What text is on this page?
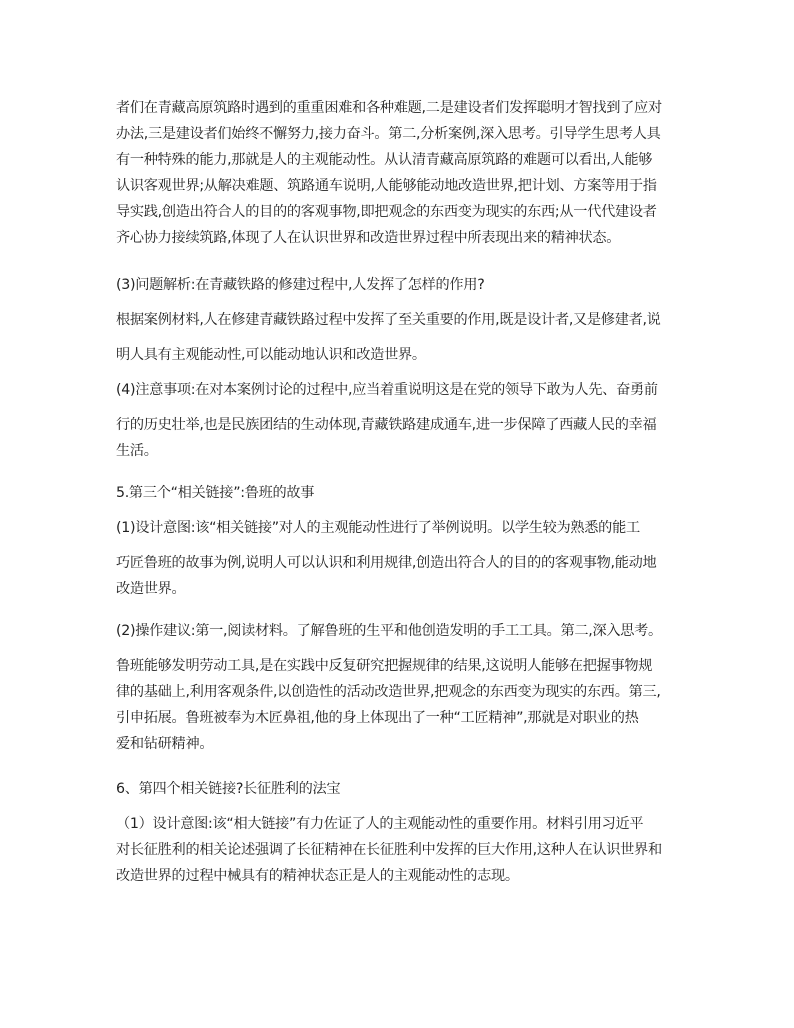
者们在青藏高原筑路时遇到的重重困难和各种难题,二是建设者们发挥聪明才智找到了应对
办法,三是建设者们始终不懈努力,接力奋斗。第二,分析案例,深入思考。引导学生思考人具
有一种特殊的能力,那就是人的主观能动性。从认清青藏高原筑路的难题可以看出,人能够
认识客观世界;从解决难题、筑路通车说明,人能够能动地改造世界,把计划、方案等用于指
导实践,创造出符合人的目的的客观事物,即把观念的东西变为现实的东西;从一代代建设者
齐心协力接续筑路,体现了人在认识世界和改造世界过程中所表现出来的精神状态。
(3)问题解析:在青藏铁路的修建过程中,人发挥了怎样的作用?
根据案例材料,人在修建青藏铁路过程中发挥了至关重要的作用,既是设计者,又是修建者,说
明人具有主观能动性,可以能动地认识和改造世界。
(4)注意事项:在对本案例讨论的过程中,应当着重说明这是在党的领导下敢为人先、奋勇前
行的历史壮举,也是民族团结的生动体现,青藏铁路建成通车,进一步保障了西藏人民的幸福
生活。
5.第三个“相关链接”:鲁班的故事
(1)设计意图:该“相关链接”对人的主观能动性进行了举例说明。以学生较为熟悉的能工
巧匠鲁班的故事为例,说明人可以认识和利用规律,创造出符合人的目的的客观事物,能动地
改造世界。
(2)操作建议:第一,阅读材料。了解鲁班的生平和他创造发明的手工工具。第二,深入思考。
鲁班能够发明劳动工具,是在实践中反复研究把握规律的结果,这说明人能够在把握事物规
律的基础上,利用客观条件,以创造性的活动改造世界,把观念的东西变为现实的东西。第三,
引申拓展。鲁班被奉为木匠鼻祖,他的身上体现出了一种“工匠精神”,那就是对职业的热
爱和钻研精神。
6、第四个相关链接?长征胜利的法宝
（1）设计意图:该“相大链接”有力佐证了人的主观能动性的重要作用。材料引用习近平
对长征胜利的相关论述强调了长征精神在长征胜利中发挥的巨大作用,这种人在认识世界和
改造世界的过程中械具有的精神状态正是人的主观能动性的志现。
